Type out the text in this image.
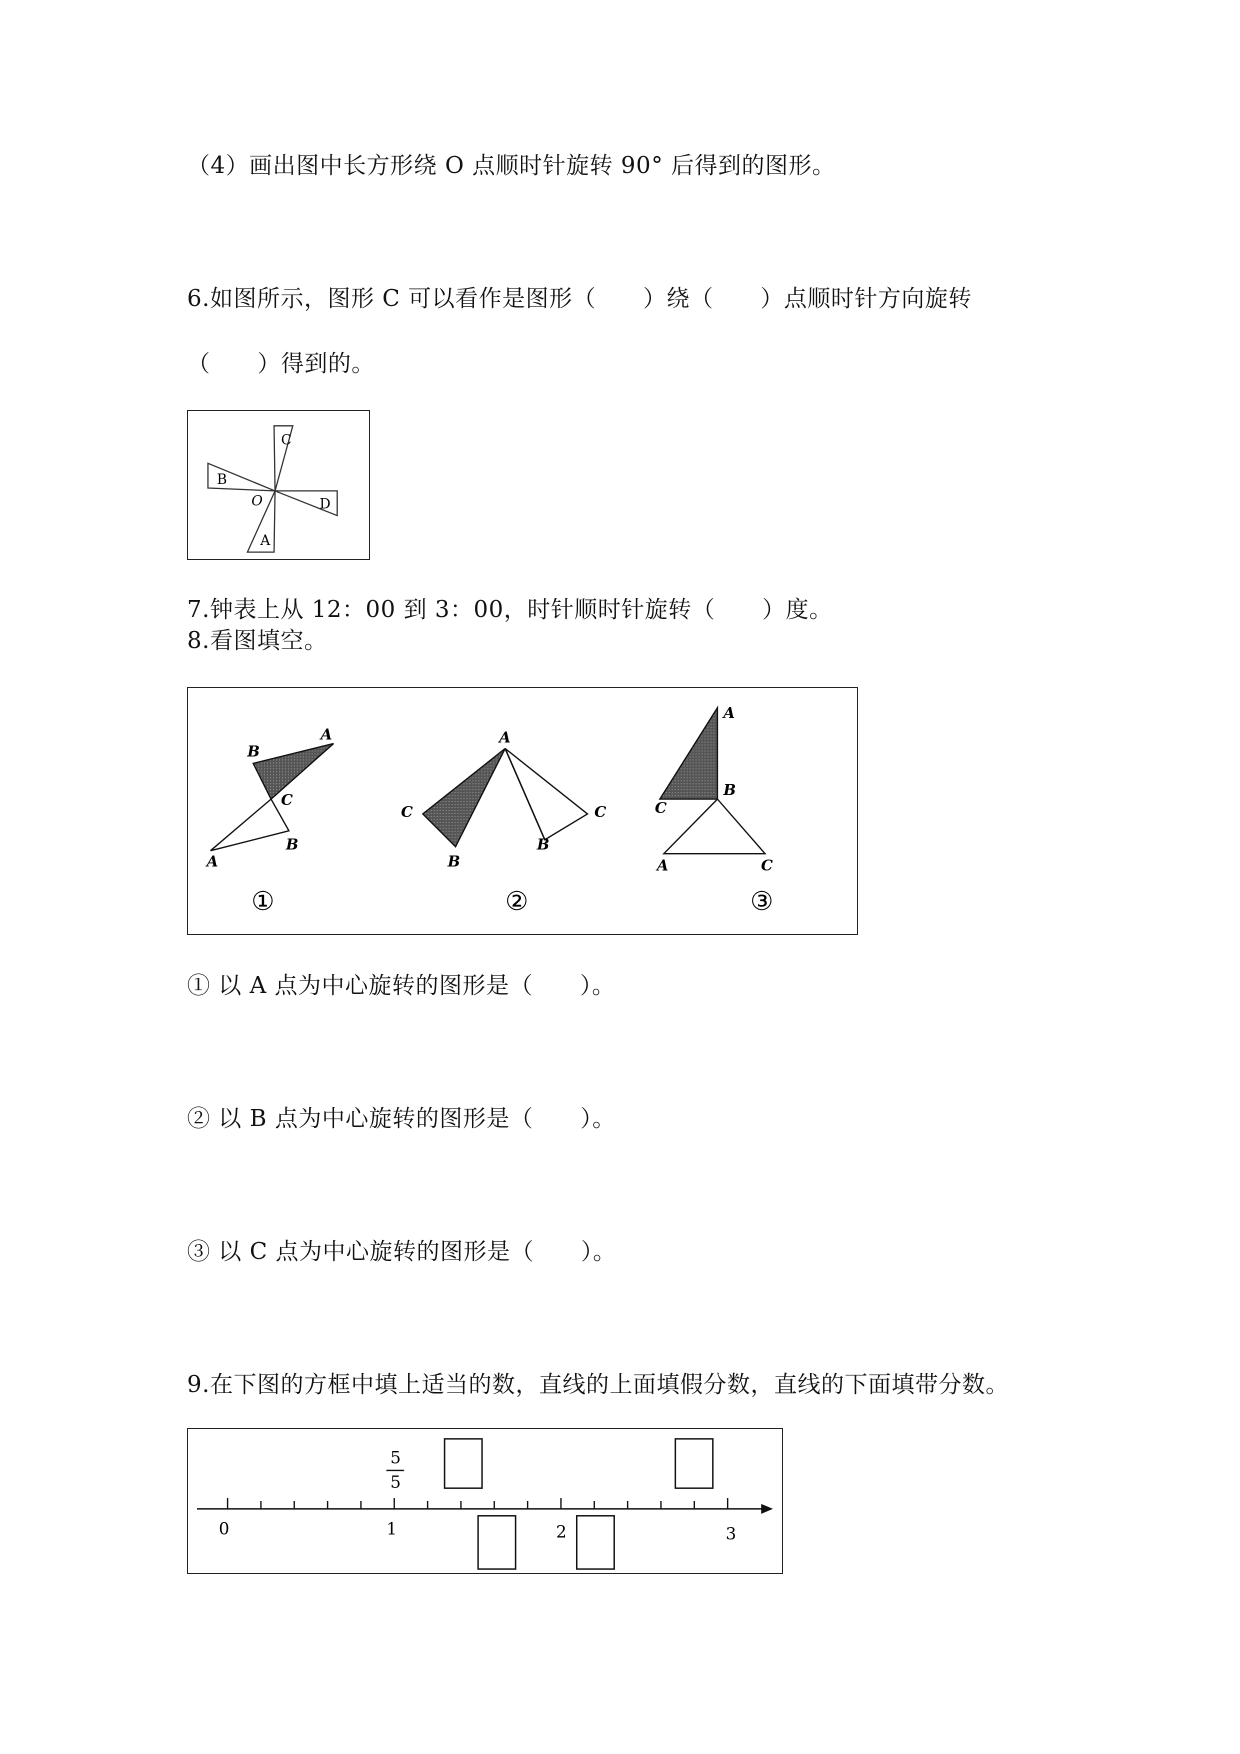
（4）画出图中长方形绕 O 点顺时针旋转 90° 后得到的图形。
6.如图所示，图形 C 可以看作是图形（      ）绕（      ）点顺时针方向旋转
（      ）得到的。
C
B
O	D
A
7.钟表上从 12：00 到 3：00，时针顺时针旋转（      ）度。
8.看图填空。
B
A
C
A
B
①
A
C
B
B
C
②
A
C
B
A	C
③
① 以 A 点为中心旋转的图形是（      ）。
② 以 B 点为中心旋转的图形是（      ）。
③ 以 C 点为中心旋转的图形是（      ）。
9.在下图的方框中填上适当的数，直线的上面填假分数，直线的下面填带分数。
0	1	2	3
5
5
